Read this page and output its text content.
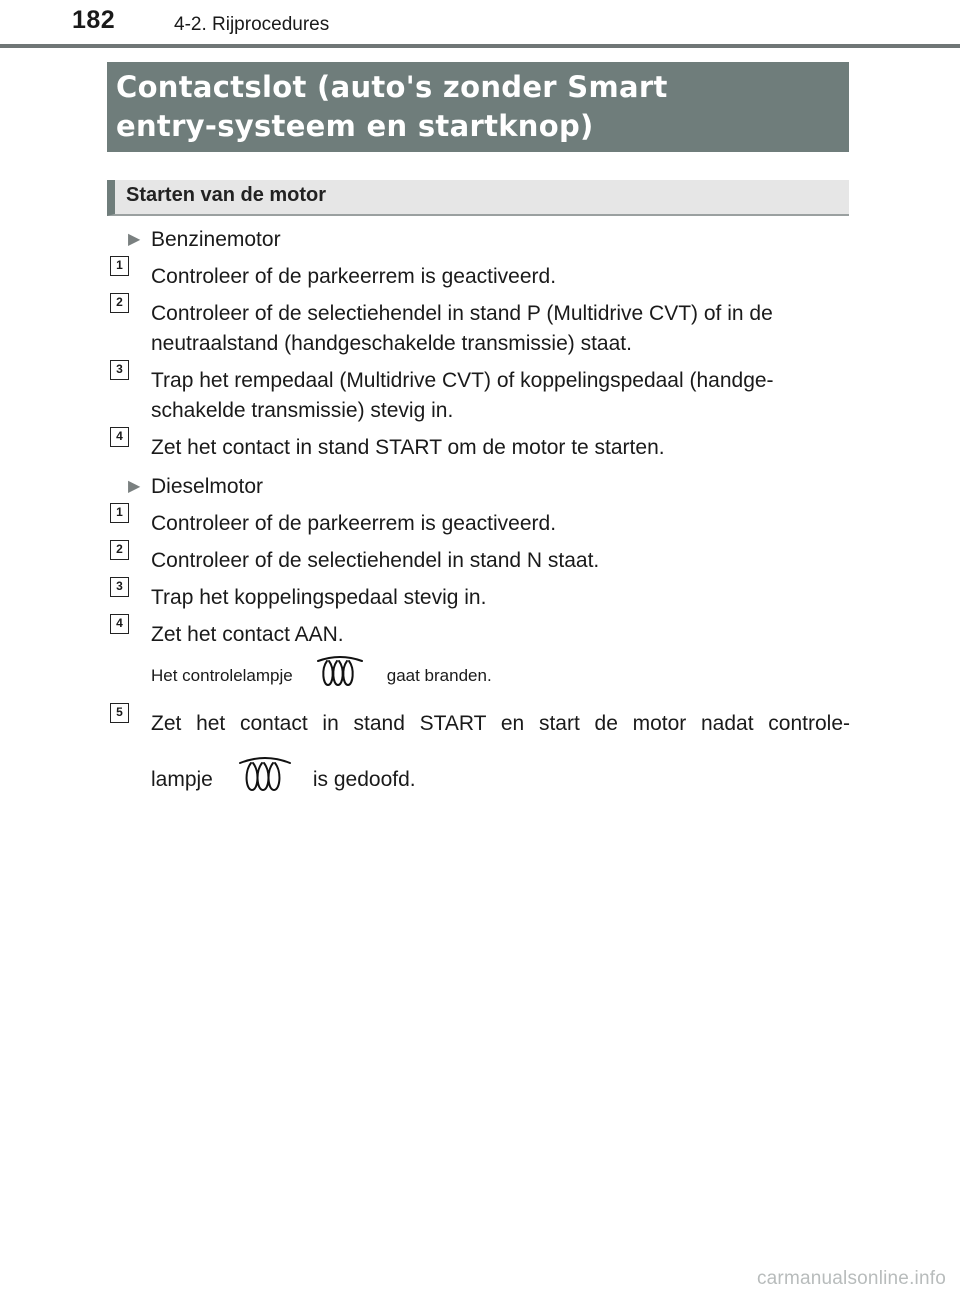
182	4-2. Rijprocedures
Contactslot (auto's zonder Smart
entry-systeem en startknop)
Starten van de motor
▶ Benzinemotor
1 Controleer of de parkeerrem is geactiveerd.
2 Controleer of de selectiehendel in stand P (Multidrive CVT) of in de neutraalstand (handgeschakelde transmissie) staat.
3 Trap het rempedaal (Multidrive CVT) of koppelingspedaal (handge-schakelde transmissie) stevig in.
4 Zet het contact in stand START om de motor te starten.
▶ Dieselmotor
1 Controleer of de parkeerrem is geactiveerd.
2 Controleer of de selectiehendel in stand N staat.
3 Trap het koppelingspedaal stevig in.
4 Zet het contact AAN.
Het controlelampje	gaat branden.
5 Zet het contact in stand START en start de motor nadat controle-
lampje	is gedoofd.
carmanualsonline.info
